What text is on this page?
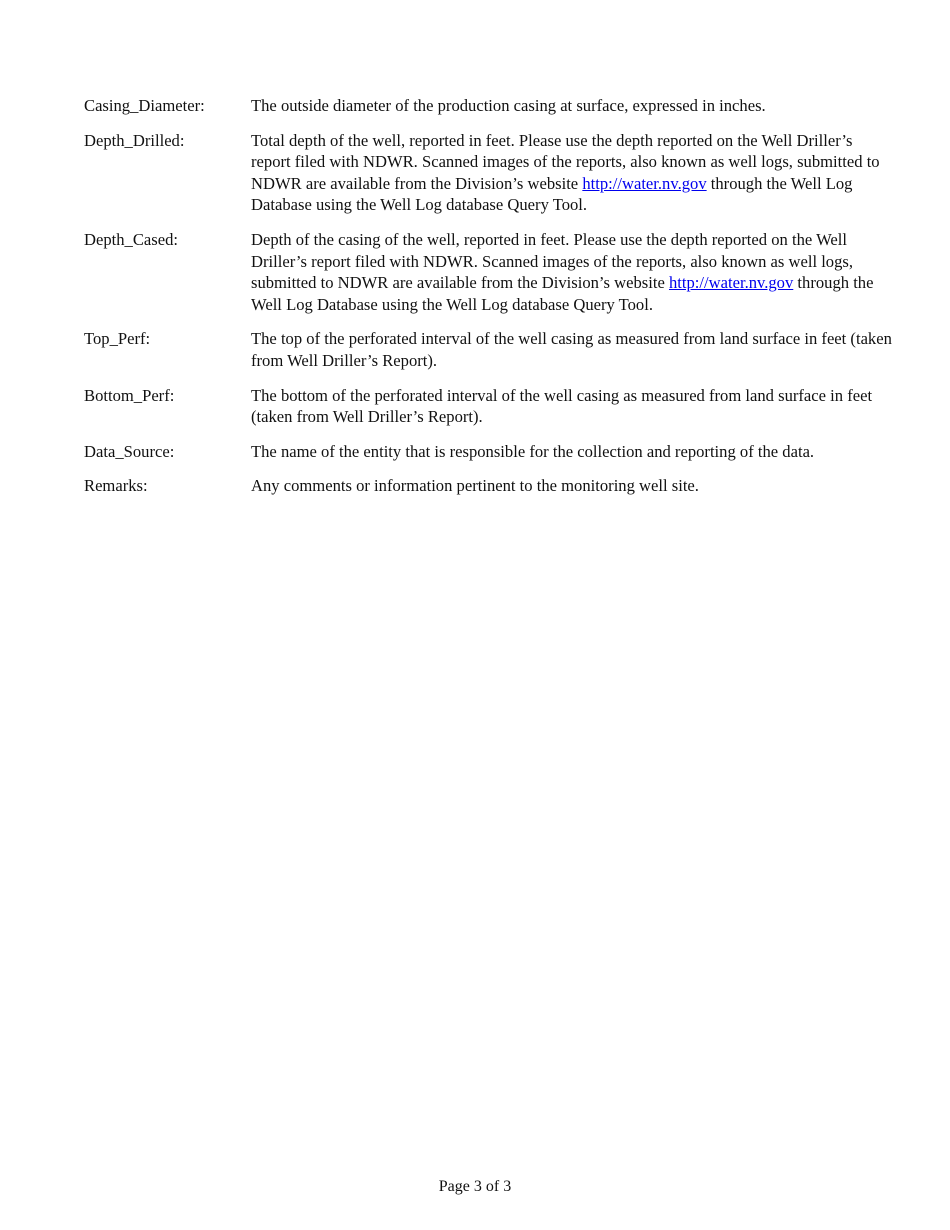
Casing_Diameter:	The outside diameter of the production casing at surface, expressed in inches.
Depth_Drilled:	Total depth of the well, reported in feet. Please use the depth reported on the Well Driller’s report filed with NDWR. Scanned images of the reports, also known as well logs, submitted to NDWR are available from the Division’s website http://water.nv.gov through the Well Log Database using the Well Log database Query Tool.
Depth_Cased:	Depth of the casing of the well, reported in feet. Please use the depth reported on the Well Driller’s report filed with NDWR. Scanned images of the reports, also known as well logs, submitted to NDWR are available from the Division’s website http://water.nv.gov through the Well Log Database using the Well Log database Query Tool.
Top_Perf:	The top of the perforated interval of the well casing as measured from land surface in feet (taken from Well Driller’s Report).
Bottom_Perf:	The bottom of the perforated interval of the well casing as measured from land surface in feet (taken from Well Driller’s Report).
Data_Source:	The name of the entity that is responsible for the collection and reporting of the data.
Remarks:	Any comments or information pertinent to the monitoring well site.
Page 3 of 3
